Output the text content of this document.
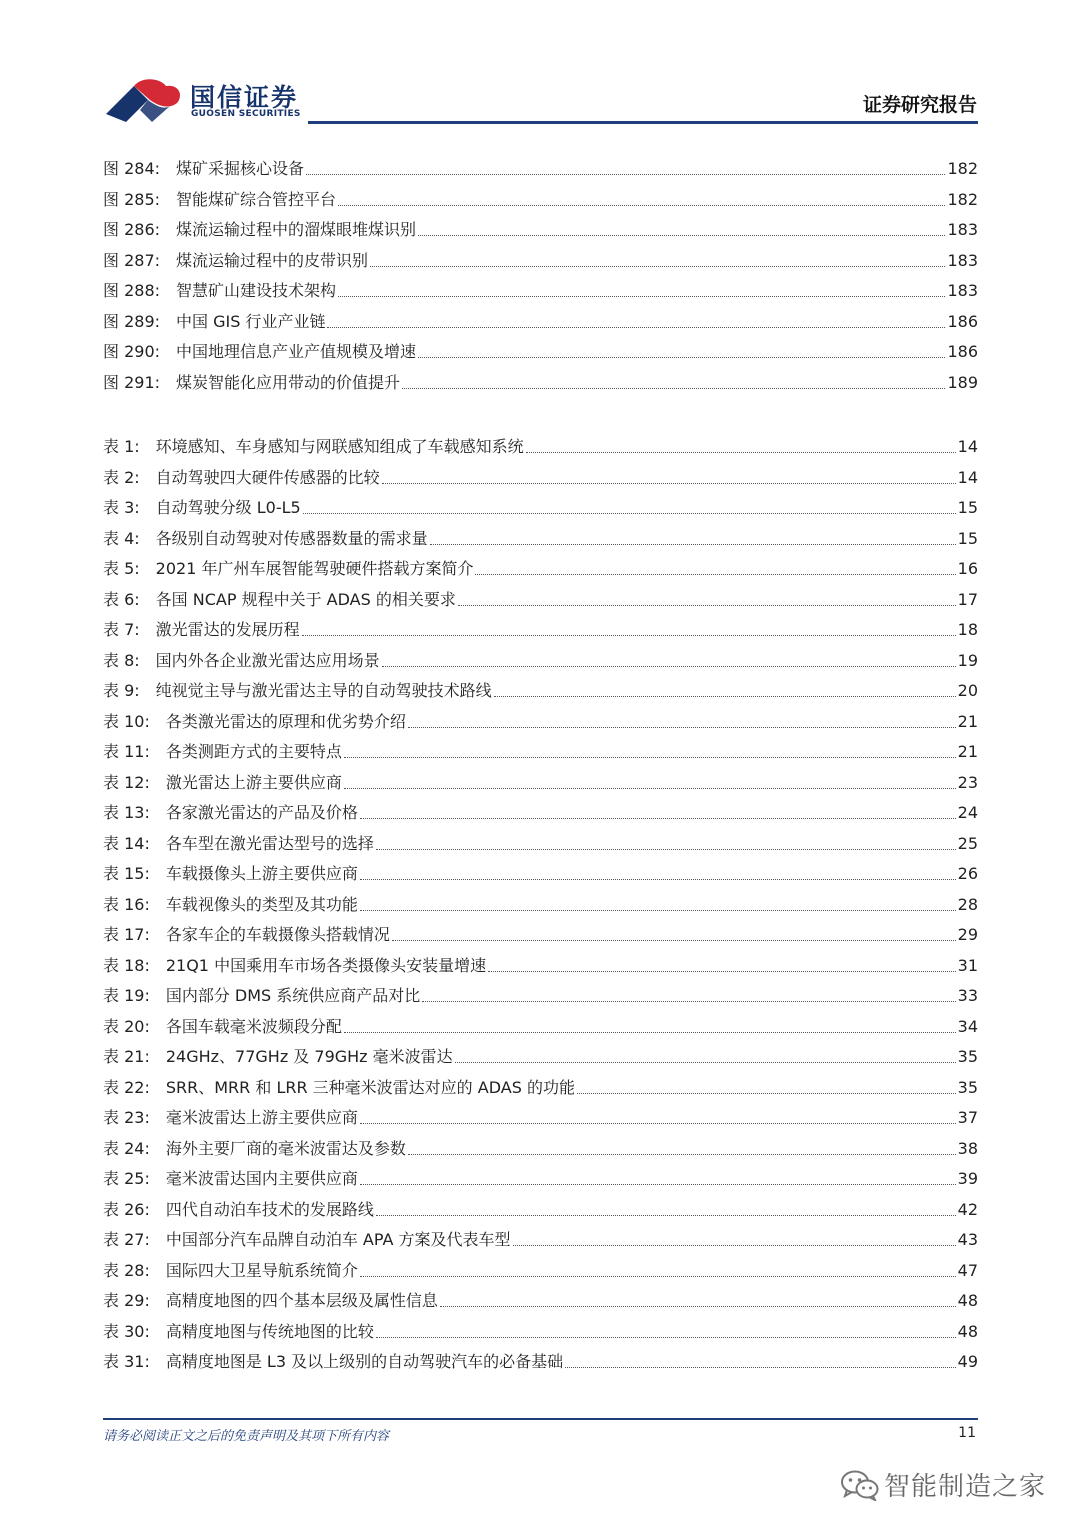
国信证券
GUOSEN SECURITIES	证券研究报告
图 284:	煤矿采掘核心设备	182
图 285:	智能煤矿综合管控平台	182
图 286:	煤流运输过程中的溜煤眼堆煤识别	183
图 287:	煤流运输过程中的皮带识别	183
图 288:	智慧矿山建设技术架构	183
图 289:	中国 GIS 行业产业链	186
图 290:	中国地理信息产业产值规模及增速	186
图 291:	煤炭智能化应用带动的价值提升	189
表 1:	环境感知、车身感知与网联感知组成了车载感知系统	14
表 2:	自动驾驶四大硬件传感器的比较	14
表 3:	自动驾驶分级 L0-L5	15
表 4:	各级别自动驾驶对传感器数量的需求量	15
表 5:	2021 年广州车展智能驾驶硬件搭载方案简介	16
表 6:	各国 NCAP 规程中关于 ADAS 的相关要求	17
表 7:	激光雷达的发展历程	18
表 8:	国内外各企业激光雷达应用场景	19
表 9:	纯视觉主导与激光雷达主导的自动驾驶技术路线	20
表 10:	各类激光雷达的原理和优劣势介绍	21
表 11:	各类测距方式的主要特点	21
表 12:	激光雷达上游主要供应商	23
表 13:	各家激光雷达的产品及价格	24
表 14:	各车型在激光雷达型号的选择	25
表 15:	车载摄像头上游主要供应商	26
表 16:	车载视像头的类型及其功能	28
表 17:	各家车企的车载摄像头搭载情况	29
表 18:	21Q1 中国乘用车市场各类摄像头安装量增速	31
表 19:	国内部分 DMS 系统供应商产品对比	33
表 20:	各国车载毫米波频段分配	34
表 21:	24GHz、77GHz 及 79GHz 毫米波雷达	35
表 22:	SRR、MRR 和 LRR 三种毫米波雷达对应的 ADAS 的功能	35
表 23:	毫米波雷达上游主要供应商	37
表 24:	海外主要厂商的毫米波雷达及参数	38
表 25:	毫米波雷达国内主要供应商	39
表 26:	四代自动泊车技术的发展路线	42
表 27:	中国部分汽车品牌自动泊车 APA 方案及代表车型	43
表 28:	国际四大卫星导航系统简介	47
表 29:	高精度地图的四个基本层级及属性信息	48
表 30:	高精度地图与传统地图的比较	48
表 31:	高精度地图是 L3 及以上级别的自动驾驶汽车的必备基础	49
请务必阅读正文之后的免责声明及其项下所有内容	11
智能制造之家
